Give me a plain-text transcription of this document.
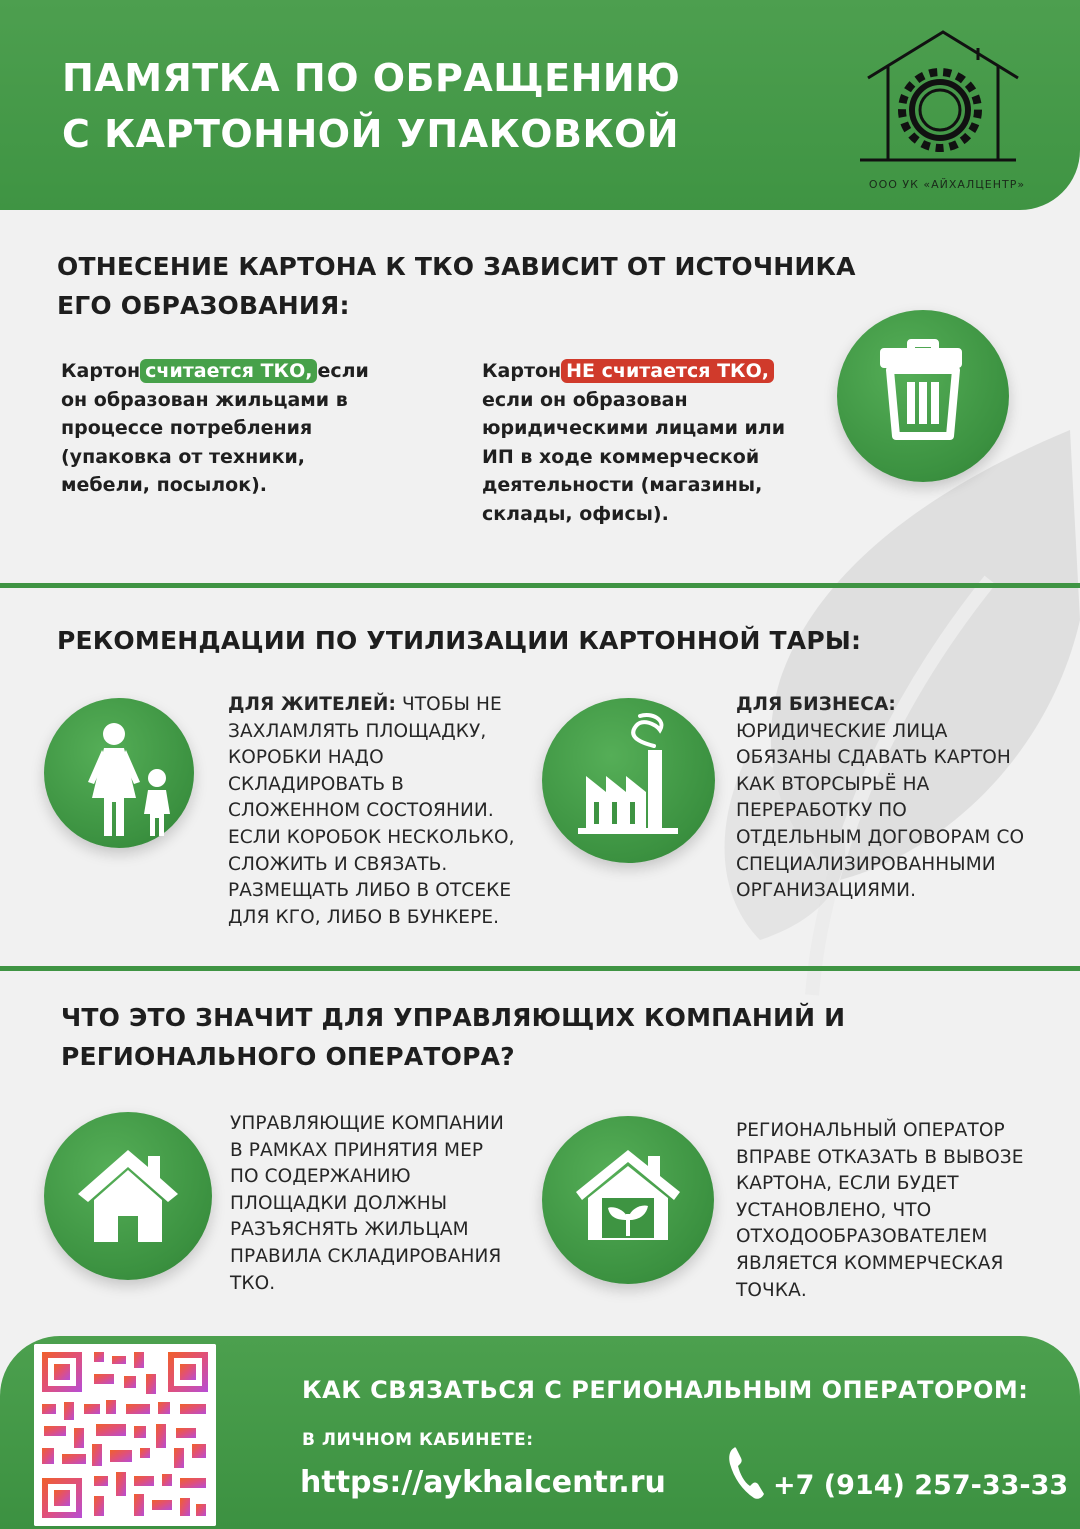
ПАМЯТКА ПО ОБРАЩЕНИЮ
С КАРТОННОЙ УПАКОВКОЙ
ООО УК «АЙХАЛЦЕНТР»
ОТНЕСЕНИЕ КАРТОНА К ТКО ЗАВИСИТ ОТ ИСТОЧНИКА
ЕГО ОБРАЗОВАНИЯ:
Картон считается ТКО, если
он образован жильцами в
процессе потребления
(упаковка от техники,
мебели, посылок).
Картон НЕ считается ТКО,
если он образован
юридическими лицами или
ИП в ходе коммерческой
деятельности (магазины,
склады, офисы).
РЕКОМЕНДАЦИИ ПО УТИЛИЗАЦИИ КАРТОННОЙ ТАРЫ:
ДЛЯ ЖИТЕЛЕЙ: ЧТОБЫ НЕ
ЗАХЛАМЛЯТЬ ПЛОЩАДКУ,
КОРОБКИ НАДО
СКЛАДИРОВАТЬ В
СЛОЖЕННОМ СОСТОЯНИИ.
ЕСЛИ КОРОБОК НЕСКОЛЬКО,
СЛОЖИТЬ И СВЯЗАТЬ.
РАЗМЕЩАТЬ ЛИБО В ОТСЕКЕ
ДЛЯ КГО, ЛИБО В БУНКЕРЕ.
ДЛЯ БИЗНЕСА:
ЮРИДИЧЕСКИЕ ЛИЦА
ОБЯЗАНЫ СДАВАТЬ КАРТОН
КАК ВТОРСЫРЬЁ НА
ПЕРЕРАБОТКУ ПО
ОТДЕЛЬНЫМ ДОГОВОРАМ СО
СПЕЦИАЛИЗИРОВАННЫМИ
ОРГАНИЗАЦИЯМИ.
ЧТО ЭТО ЗНАЧИТ ДЛЯ УПРАВЛЯЮЩИХ КОМПАНИЙ И
РЕГИОНАЛЬНОГО ОПЕРАТОРА?
УПРАВЛЯЮЩИЕ КОМПАНИИ
В РАМКАХ ПРИНЯТИЯ МЕР
ПО СОДЕРЖАНИЮ
ПЛОЩАДКИ ДОЛЖНЫ
РАЗЪЯСНЯТЬ ЖИЛЬЦАМ
ПРАВИЛА СКЛАДИРОВАНИЯ
ТКО.
РЕГИОНАЛЬНЫЙ ОПЕРАТОР
ВПРАВЕ ОТКАЗАТЬ В ВЫВОЗЕ
КАРТОНА, ЕСЛИ БУДЕТ
УСТАНОВЛЕНО, ЧТО
ОТХОДООБРАЗОВАТЕЛЕМ
ЯВЛЯЕТСЯ КОММЕРЧЕСКАЯ
ТОЧКА.
КАК СВЯЗАТЬСЯ С РЕГИОНАЛЬНЫМ ОПЕРАТОРОМ:
В ЛИЧНОМ КАБИНЕТЕ:
https://aykhalcentr.ru	+7 (914) 257-33-33
